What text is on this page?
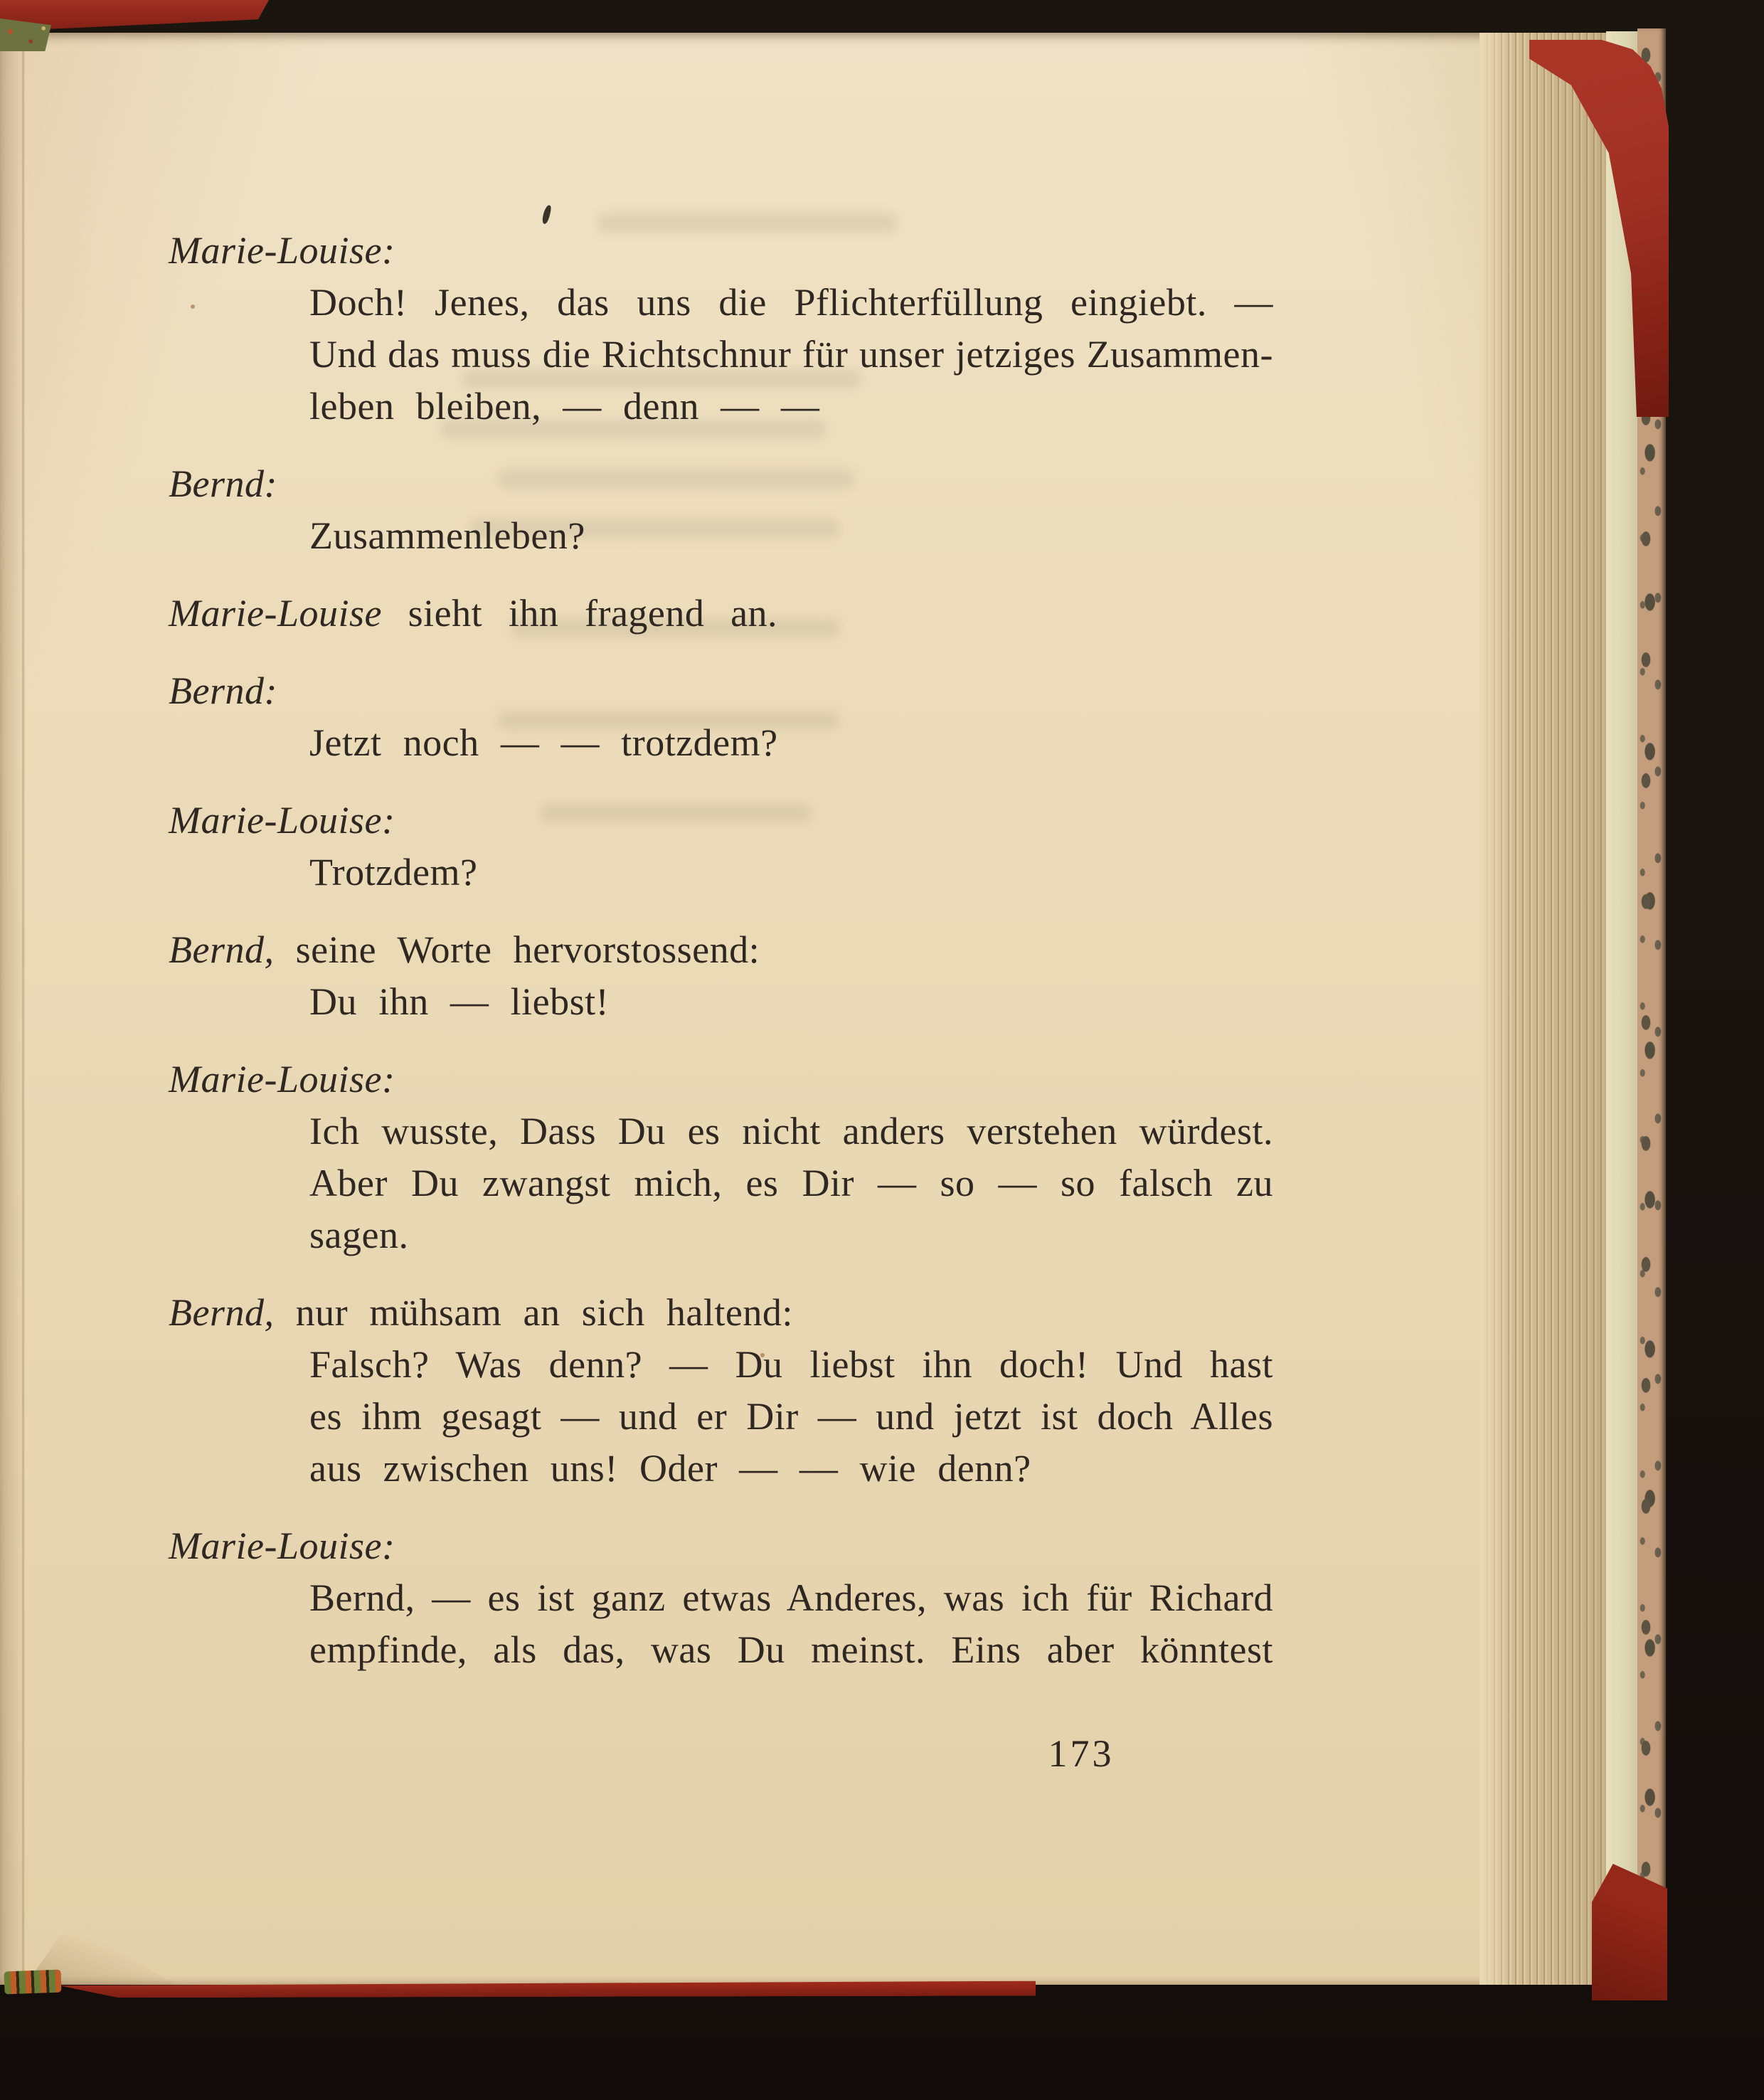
Marie-Louise:
Doch! Jenes, das uns die Pflichterfüllung eingiebt. —
Und das muss die Richtschnur für unser jetziges Zusammen-
leben bleiben, — denn — —
Bernd:
Zusammenleben?
Marie-Louise sieht ihn fragend an.
Bernd:
Jetzt noch — — trotzdem?
Marie-Louise:
Trotzdem?
Bernd, seine Worte hervorstossend:
Du ihn — liebst!
Marie-Louise:
Ich wusste, Dass Du es nicht anders verstehen würdest.
Aber Du zwangst mich, es Dir — so — so falsch zu
sagen.
Bernd, nur mühsam an sich haltend:
Falsch? Was denn? — Du liebst ihn doch! Und hast
es ihm gesagt — und er Dir — und jetzt ist doch Alles
aus zwischen uns! Oder — — wie denn?
Marie-Louise:
Bernd, — es ist ganz etwas Anderes, was ich für Richard
empfinde, als das, was Du meinst. Eins aber könntest
173
